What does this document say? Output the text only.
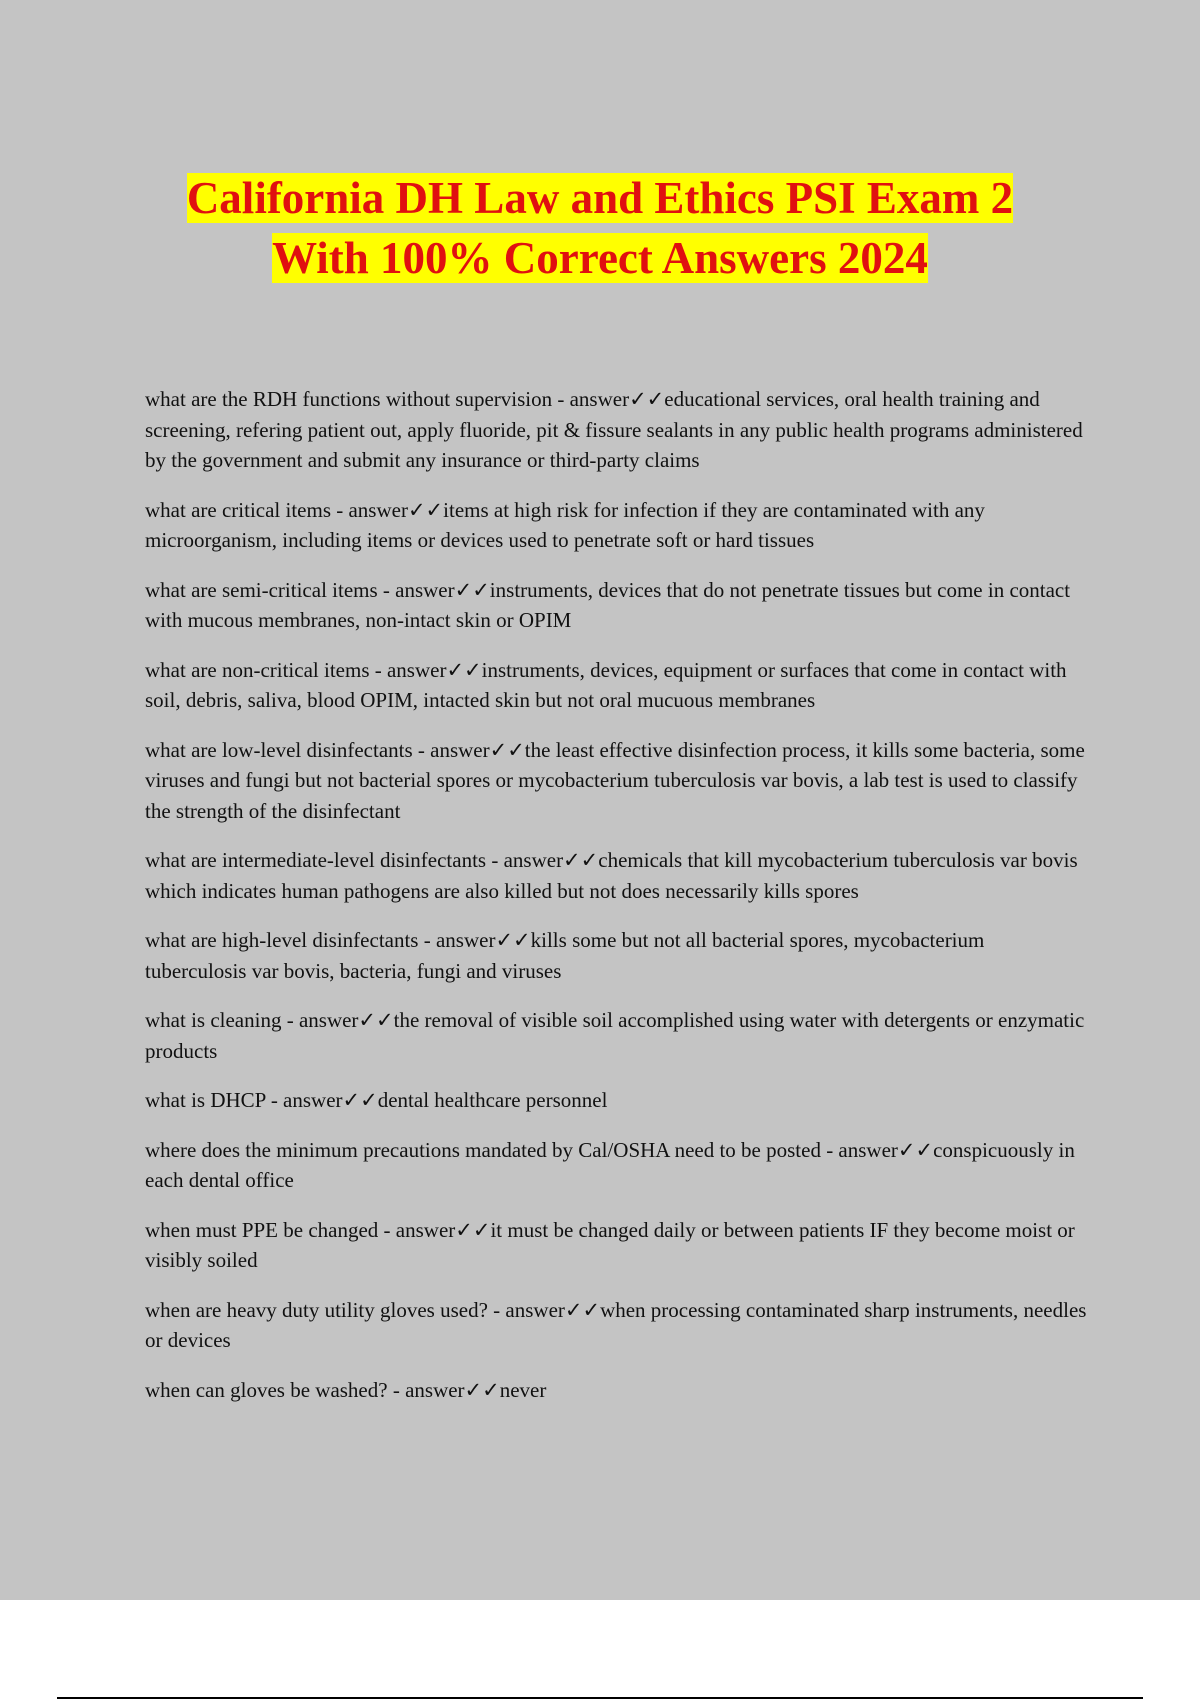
California DH Law and Ethics PSI Exam 2
With 100% Correct Answers 2024

what are the RDH functions without supervision - answer✓✓educational services, oral health training and screening, refering patient out, apply fluoride, pit & fissure sealants in any public health programs administered by the government and submit any insurance or third-party claims

what are critical items - answer✓✓items at high risk for infection if they are contaminated with any microorganism, including items or devices used to penetrate soft or hard tissues

what are semi-critical items - answer✓✓instruments, devices that do not penetrate tissues but come in contact with mucous membranes, non-intact skin or OPIM

what are non-critical items - answer✓✓instruments, devices, equipment or surfaces that come in contact with soil, debris, saliva, blood OPIM, intacted skin but not oral mucuous membranes

what are low-level disinfectants - answer✓✓the least effective disinfection process, it kills some bacteria, some viruses and fungi but not bacterial spores or mycobacterium tuberculosis var bovis, a lab test is used to classify the strength of the disinfectant

what are intermediate-level disinfectants - answer✓✓chemicals that kill mycobacterium tuberculosis var bovis which indicates human pathogens are also killed but not does necessarily kills spores

what are high-level disinfectants - answer✓✓kills some but not all bacterial spores, mycobacterium tuberculosis var bovis, bacteria, fungi and viruses

what is cleaning - answer✓✓the removal of visible soil accomplished using water with detergents or enzymatic products

what is DHCP - answer✓✓dental healthcare personnel

where does the minimum precautions mandated by Cal/OSHA need to be posted - answer✓✓conspicuously in each dental office

when must PPE be changed - answer✓✓it must be changed daily or between patients IF they become moist or visibly soiled

when are heavy duty utility gloves used? - answer✓✓when processing contaminated sharp instruments, needles or devices

when can gloves be washed? - answer✓✓never
